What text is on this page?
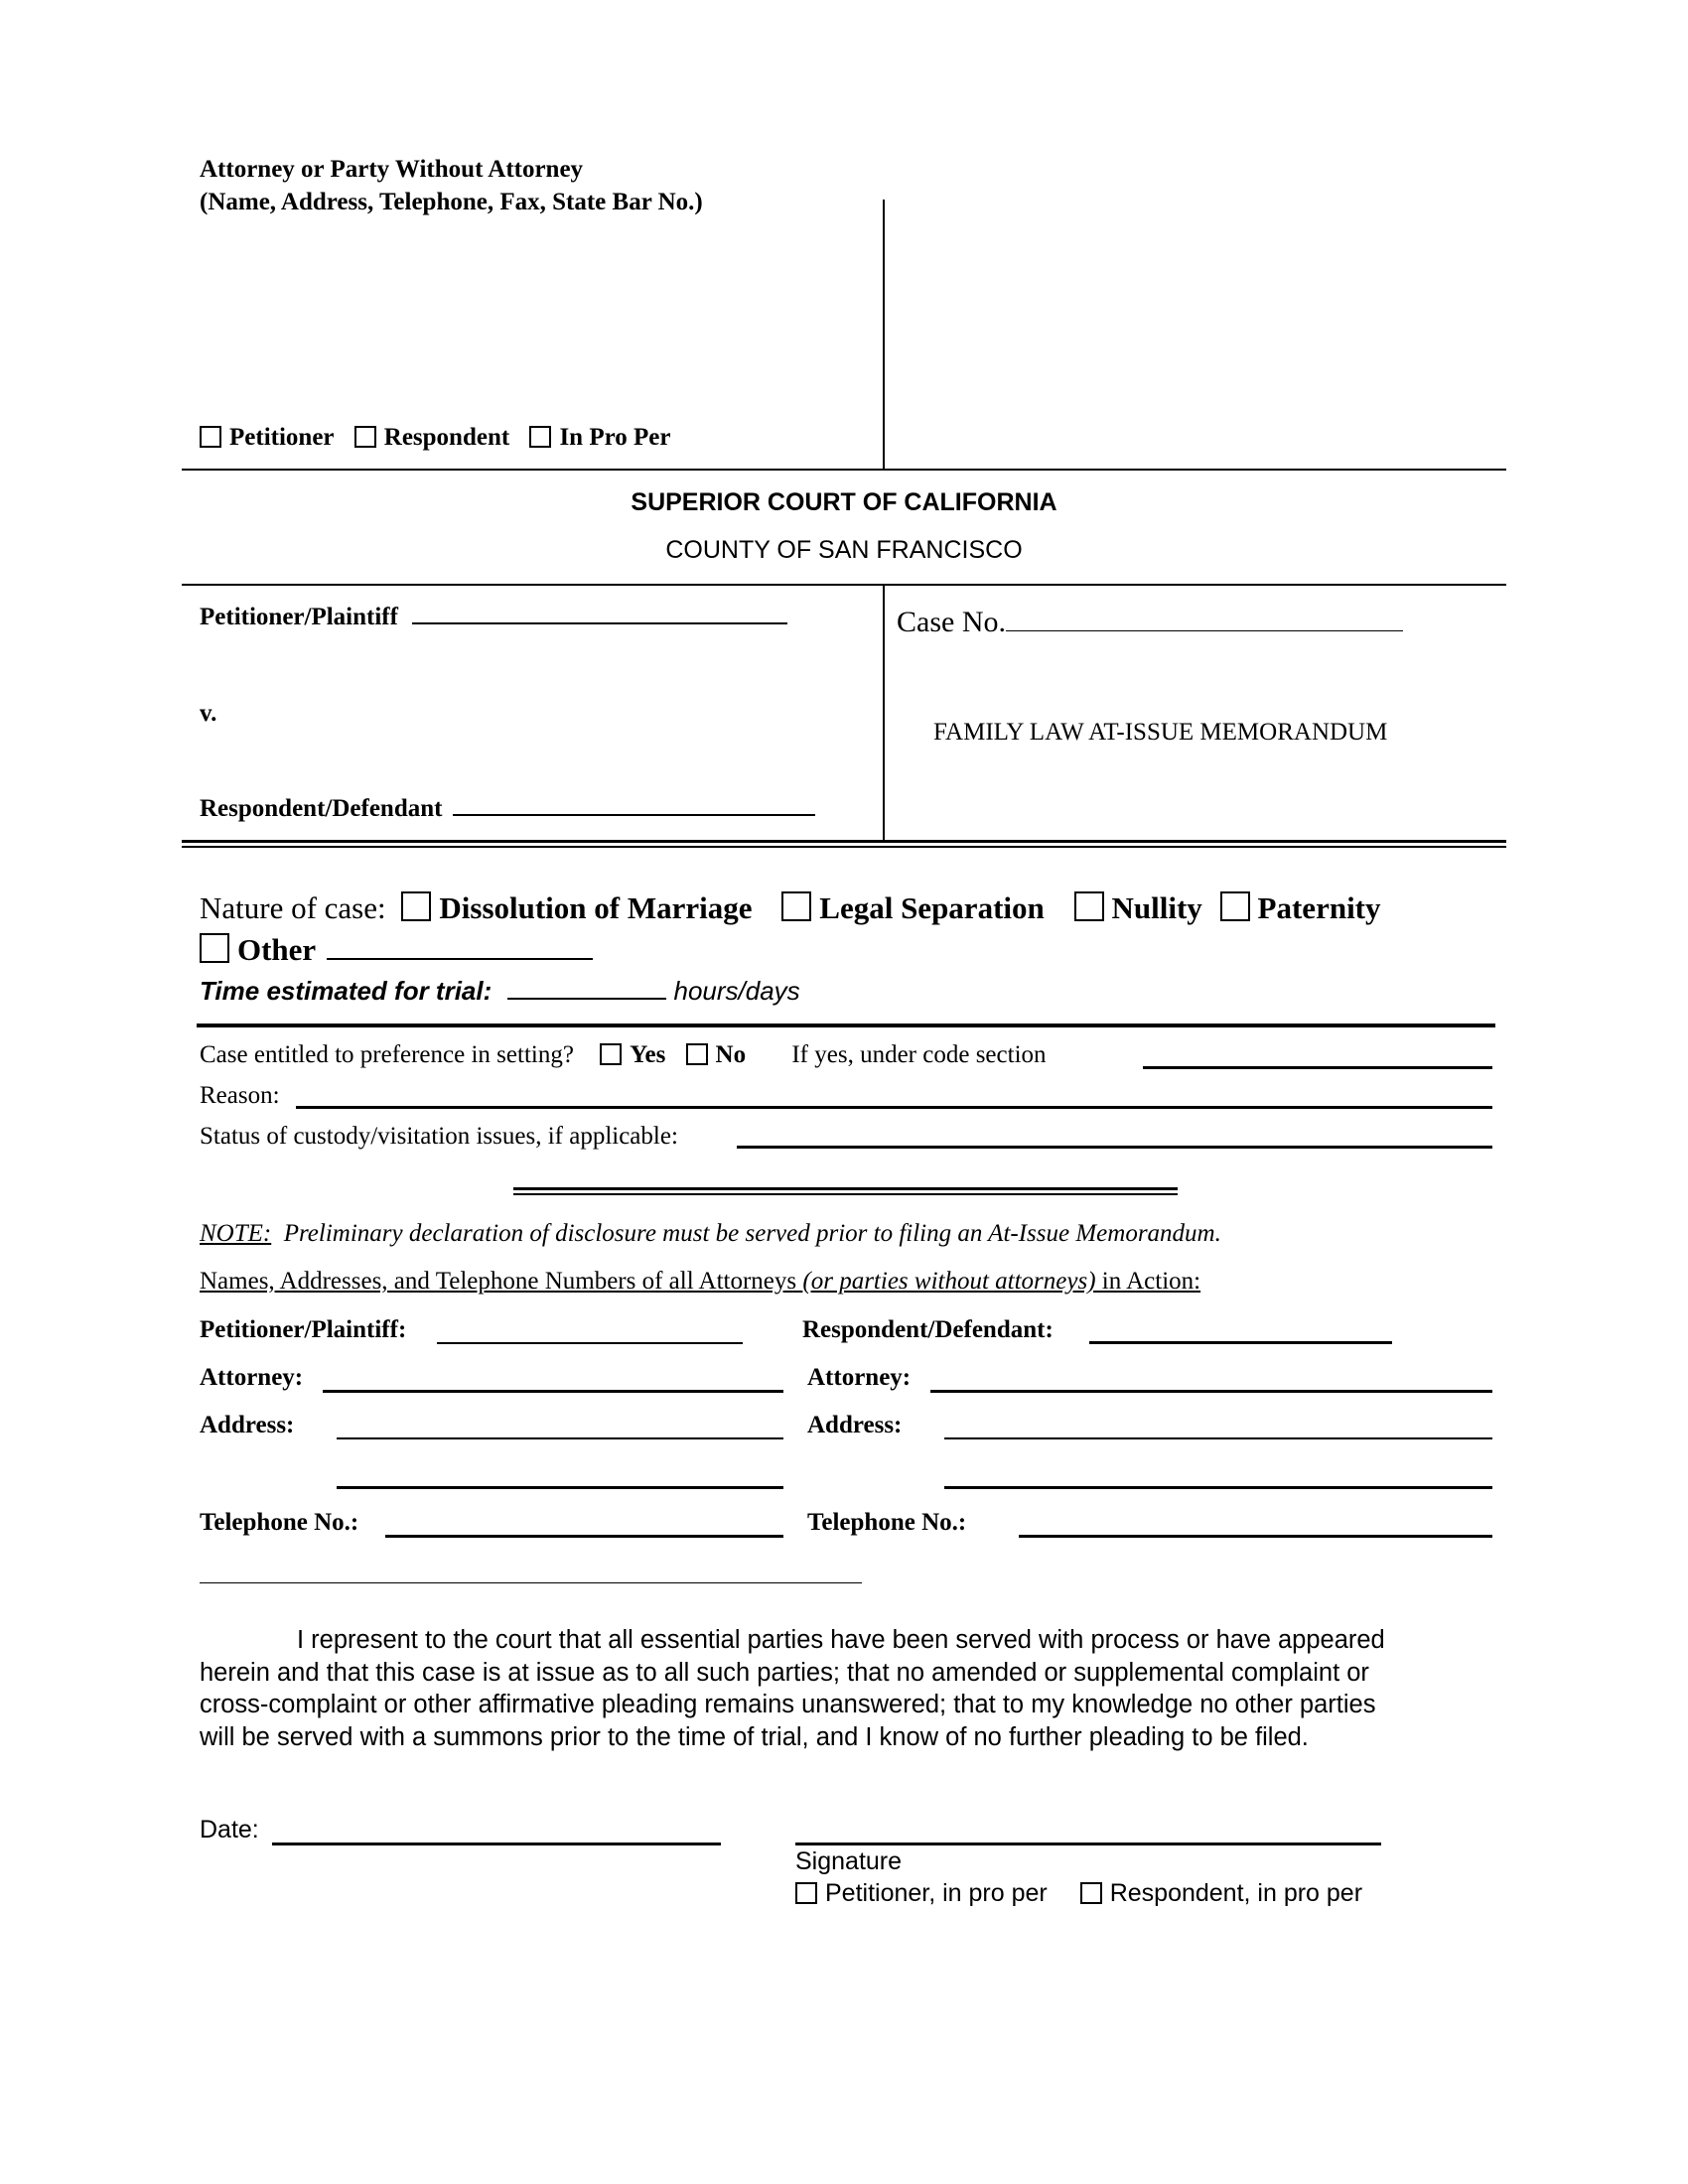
Attorney or Party Without Attorney
(Name, Address, Telephone, Fax, State Bar No.)
Petitioner Respondent In Pro Per
SUPERIOR COURT OF CALIFORNIA
COUNTY OF SAN FRANCISCO
Petitioner/Plaintiff
v.
Respondent/Defendant
Case No.
FAMILY LAW AT-ISSUE MEMORANDUM
Nature of case: Dissolution of Marriage Legal Separation Nullity Paternity
Other
Time estimated for trial:	hours/days
Case entitled to preference in setting? Yes No If yes, under code section
Reason:
Status of custody/visitation issues, if applicable:
NOTE: Preliminary declaration of disclosure must be served prior to filing an At-Issue Memorandum.
Names, Addresses, and Telephone Numbers of all Attorneys (or parties without attorneys) in Action:
Petitioner/Plaintiff:
Attorney:
Address:
Telephone No.:
Respondent/Defendant:
Attorney:
Address:
Telephone No.:
I represent to the court that all essential parties have been served with process or have appeared
herein and that this case is at issue as to all such parties; that no amended or supplemental complaint or
cross-complaint or other affirmative pleading remains unanswered; that to my knowledge no other parties
will be served with a summons prior to the time of trial, and I know of no further pleading to be filed.
Date:
Signature
Petitioner, in pro per	Respondent, in pro per
